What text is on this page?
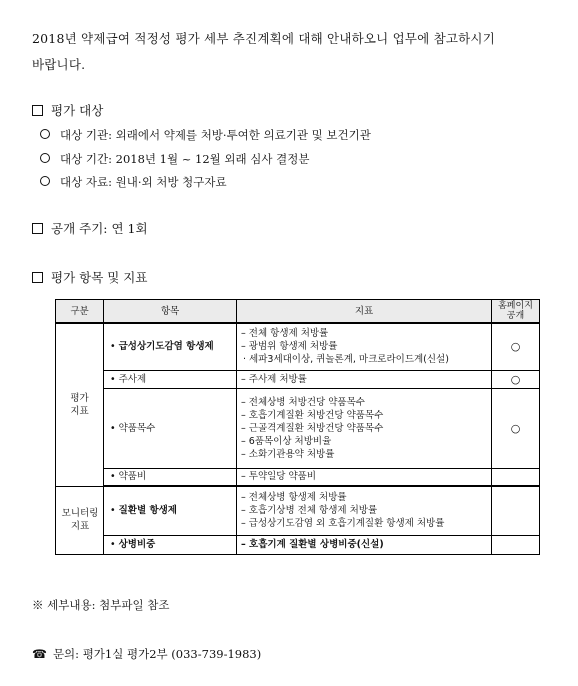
2018년 약제급여 적정성 평가 세부 추진계획에 대해 안내하오니 업무에 참고하시기
바랍니다.
평가 대상
대상 기관: 외래에서 약제를 처방·투여한 의료기관 및 보건기관
대상 기간: 2018년 1월 ~ 12월 외래 심사 결정분
대상 자료: 원내·외 처방 청구자료
공개 주기: 연 1회
평가 항목 및 지표
구분	항목	지표	홈페이지 공개
평가 지표	• 급성상기도감염 항생제	– 전체 항생제 처방률
– 광범위 항생제 처방률
· 세파3세대이상, 퀴놀론계, 마크로라이드계(신설)	○
	• 주사제	– 주사제 처방률	○
	• 약품목수	– 전체상병 처방건당 약품목수
– 호흡기계질환 처방건당 약품목수
– 근골격계질환 처방건당 약품목수
– 6품목이상 처방비율
– 소화기관용약 처방률	○
	• 약품비	– 투약일당 약품비	

모니터링 지표	• 질환별 항생제	– 전체상병 항생제 처방률
– 호흡기상병 전체 항생제 처방률
– 급성상기도감염 외 호흡기계질환 항생제 처방률	

	• 상병비중	– 호흡기계 질환별 상병비중(신설)	

※ 세부내용: 첨부파일 참조
☎ 문의: 평가1실 평가2부 (033-739-1983)
